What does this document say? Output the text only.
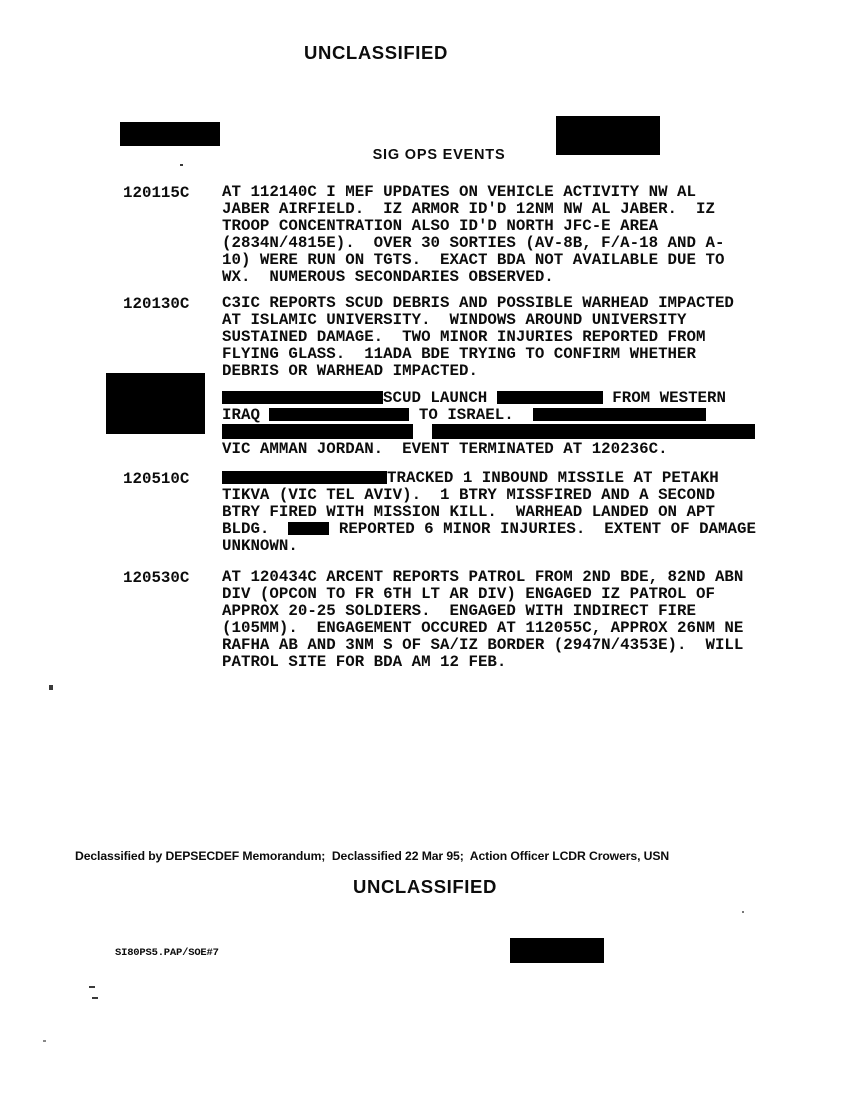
UNCLASSIFIED
SIG OPS EVENTS
120115C AT 112140C I MEF UPDATES ON VEHICLE ACTIVITY NW AL
JABER AIRFIELD.  IZ ARMOR ID'D 12NM NW AL JABER.  IZ
TROOP CONCENTRATION ALSO ID'D NORTH JFC-E AREA
(2834N/4815E).  OVER 30 SORTIES (AV-8B, F/A-18 AND A-
10) WERE RUN ON TGTS.  EXACT BDA NOT AVAILABLE DUE TO
WX.  NUMEROUS SECONDARIES OBSERVED.
120130C C3IC REPORTS SCUD DEBRIS AND POSSIBLE WARHEAD IMPACTED
AT ISLAMIC UNIVERSITY.  WINDOWS AROUND UNIVERSITY
SUSTAINED DAMAGE.  TWO MINOR INJURIES REPORTED FROM
FLYING GLASS.  11ADA BDE TRYING TO CONFIRM WHETHER
DEBRIS OR WARHEAD IMPACTED.
SCUD LAUNCH	FROM WESTERN
IRAQ	TO ISRAEL.

VIC AMMAN JORDAN.  EVENT TERMINATED AT 120236C.
120510C	TRACKED 1 INBOUND MISSILE AT PETAKH
TIKVA (VIC TEL AVIV).  1 BTRY MISSFIRED AND A SECOND
BTRY FIRED WITH MISSION KILL.  WARHEAD LANDED ON APT
BLDG.	REPORTED 6 MINOR INJURIES.  EXTENT OF DAMAGE
UNKNOWN.
120530C AT 120434C ARCENT REPORTS PATROL FROM 2ND BDE, 82ND ABN
DIV (OPCON TO FR 6TH LT AR DIV) ENGAGED IZ PATROL OF
APPROX 20-25 SOLDIERS.  ENGAGED WITH INDIRECT FIRE
(105MM).  ENGAGEMENT OCCURED AT 112055C, APPROX 26NM NE
RAFHA AB AND 3NM S OF SA/IZ BORDER (2947N/4353E).  WILL
PATROL SITE FOR BDA AM 12 FEB.
Declassified by DEPSECDEF Memorandum;  Declassified 22 Mar 95;  Action Officer LCDR Crowers, USN
UNCLASSIFIED
SI80PS5.PAP/SOE#7
